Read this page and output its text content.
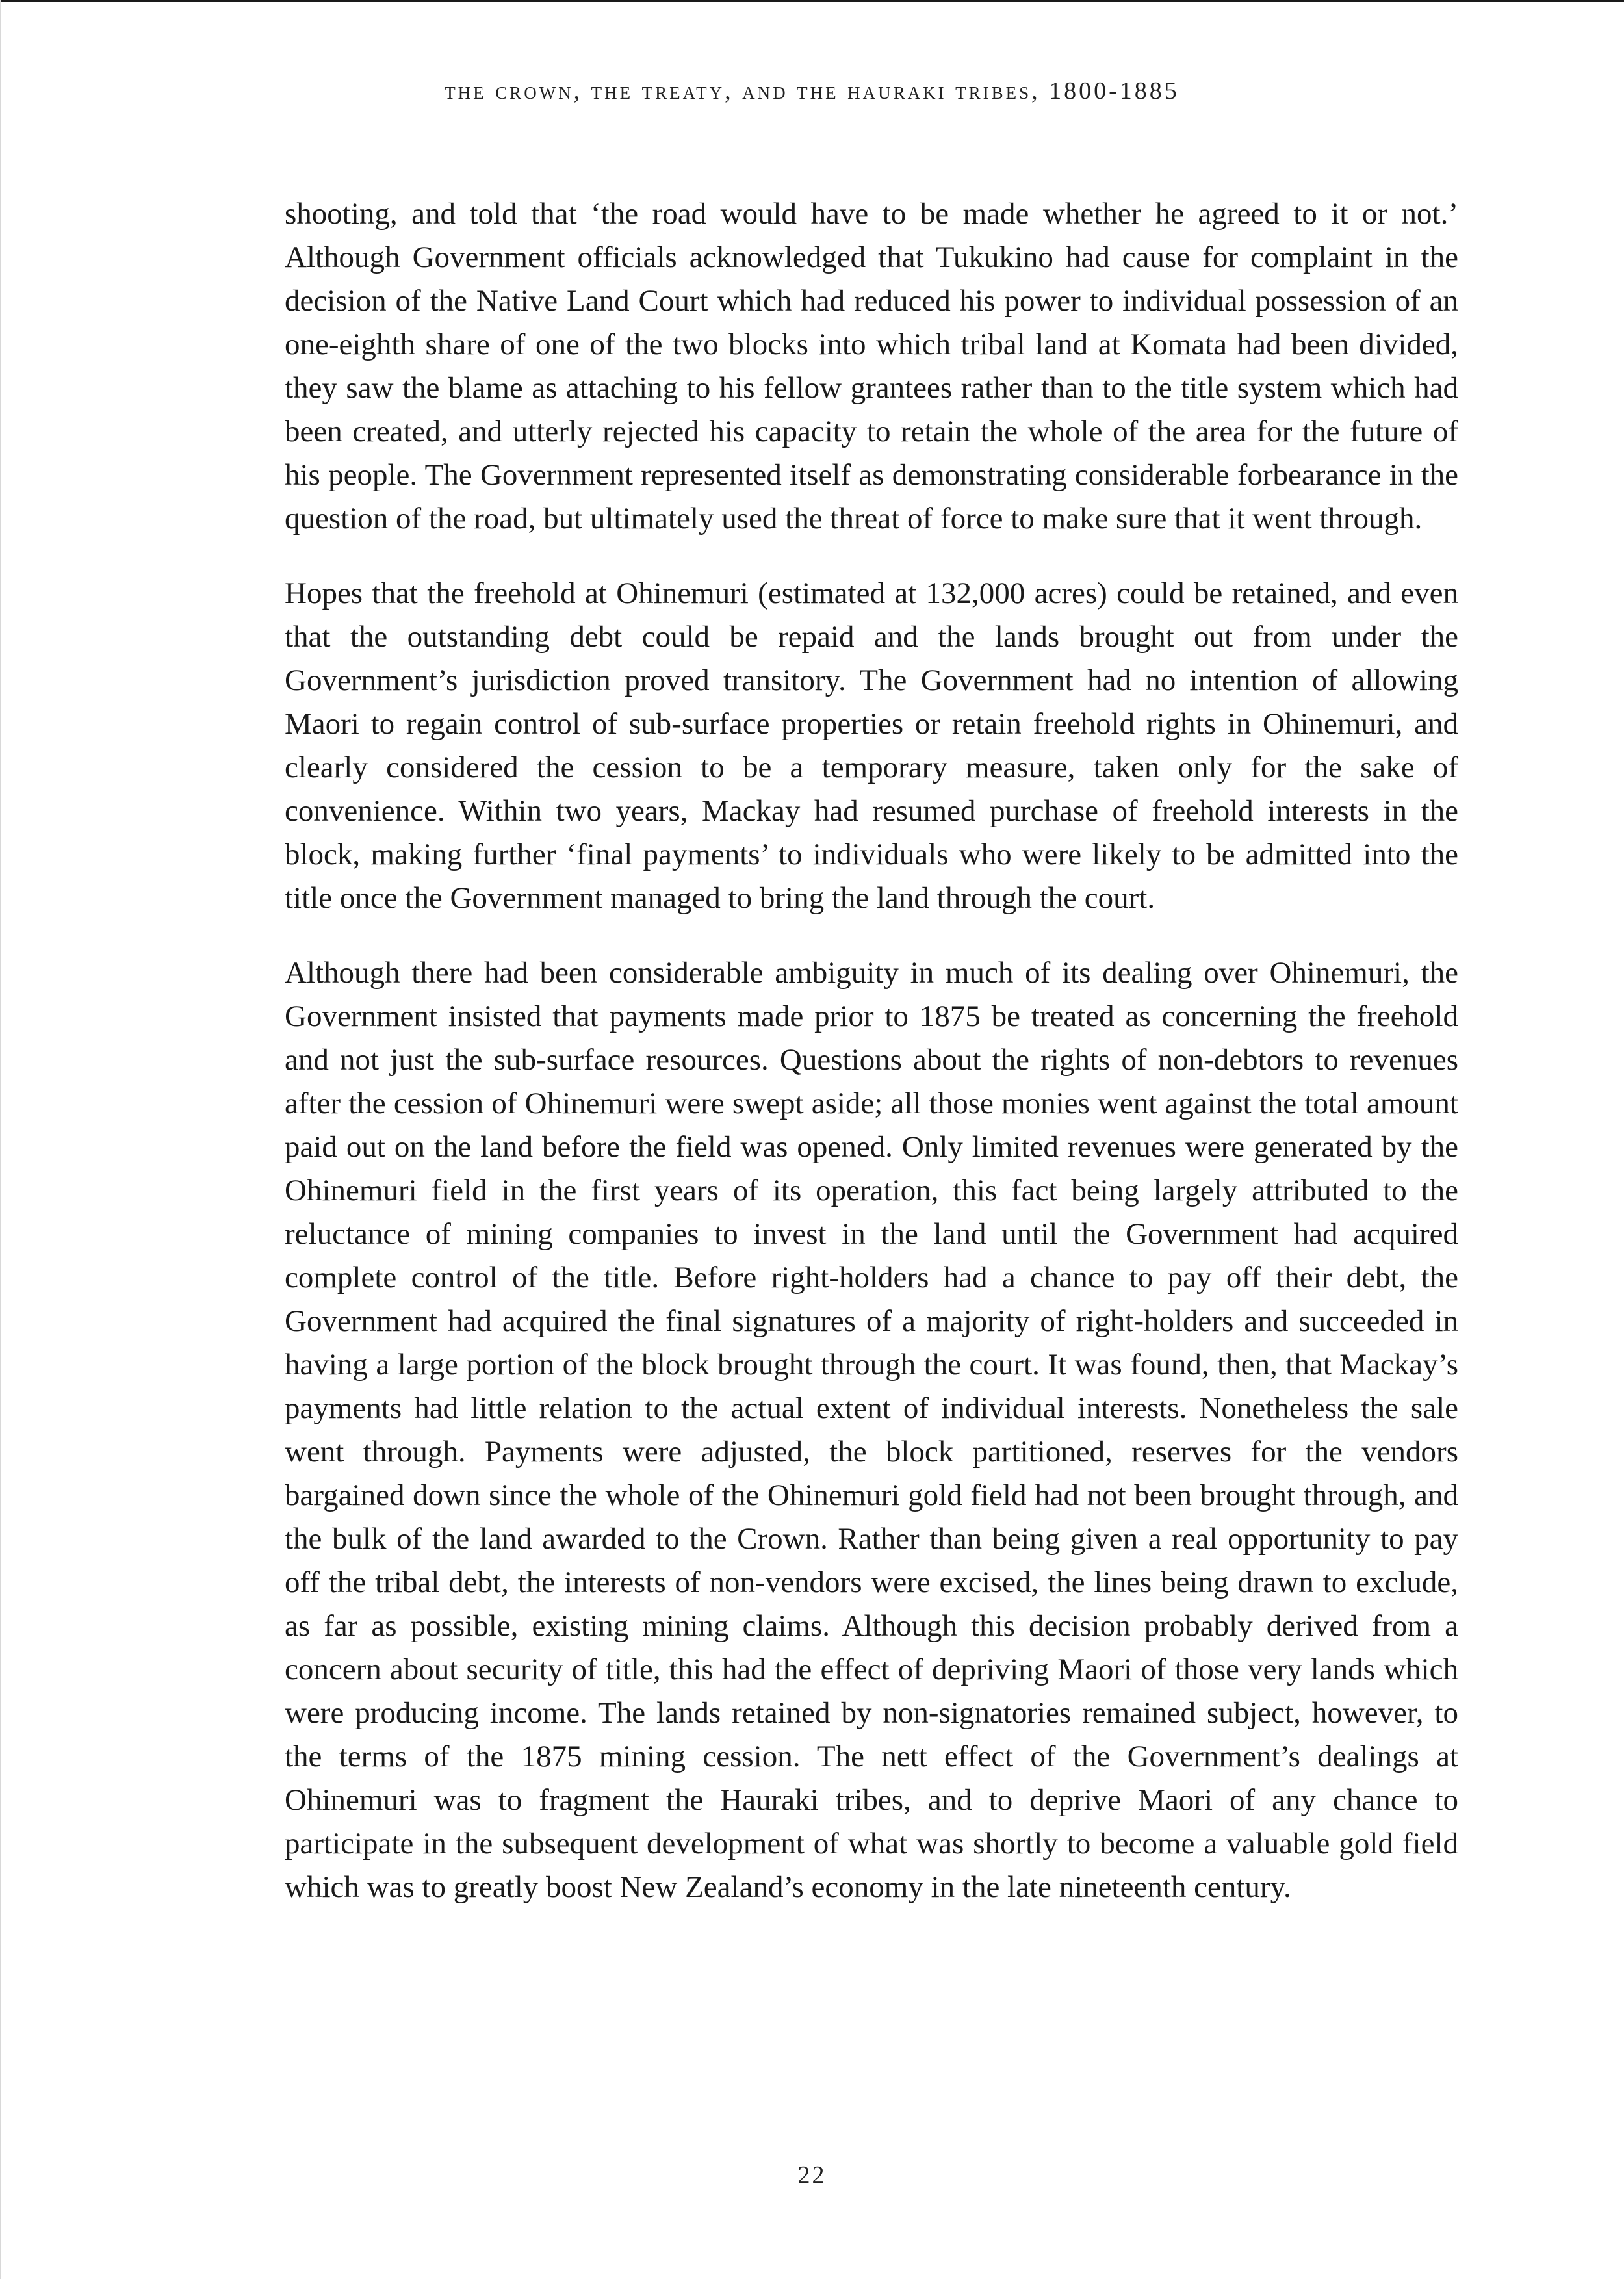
the crown, the treaty, and the hauraki tribes, 1800-1885

shooting, and told that ‘the road would have to be made whether he agreed to it or not.’ Although Government officials acknowledged that Tukukino had cause for complaint in the decision of the Native Land Court which had reduced his power to individual possession of an one-eighth share of one of the two blocks into which tribal land at Komata had been divided, they saw the blame as attaching to his fellow grantees rather than to the title system which had been created, and utterly rejected his capacity to retain the whole of the area for the future of his people. The Government represented itself as demonstrating considerable forbearance in the question of the road, but ultimately used the threat of force to make sure that it went through.

Hopes that the freehold at Ohinemuri (estimated at 132,000 acres) could be retained, and even that the outstanding debt could be repaid and the lands brought out from under the Government’s jurisdiction proved transitory. The Government had no intention of allowing Maori to regain control of sub-surface properties or retain freehold rights in Ohinemuri, and clearly considered the cession to be a temporary measure, taken only for the sake of convenience. Within two years, Mackay had resumed purchase of freehold interests in the block, making further ‘final payments’ to individuals who were likely to be admitted into the title once the Government managed to bring the land through the court.

Although there had been considerable ambiguity in much of its dealing over Ohinemuri, the Government insisted that payments made prior to 1875 be treated as concerning the freehold and not just the sub-surface resources. Questions about the rights of non-debtors to revenues after the cession of Ohinemuri were swept aside; all those monies went against the total amount paid out on the land before the field was opened. Only limited revenues were generated by the Ohinemuri field in the first years of its operation, this fact being largely attributed to the reluctance of mining companies to invest in the land until the Government had acquired complete control of the title. Before right-holders had a chance to pay off their debt, the Government had acquired the final signatures of a majority of right-holders and succeeded in having a large portion of the block brought through the court. It was found, then, that Mackay’s payments had little relation to the actual extent of individual interests. Nonetheless the sale went through. Payments were adjusted, the block partitioned, reserves for the vendors bargained down since the whole of the Ohinemuri gold field had not been brought through, and the bulk of the land awarded to the Crown. Rather than being given a real opportunity to pay off the tribal debt, the interests of non-vendors were excised, the lines being drawn to exclude, as far as possible, existing mining claims. Although this decision probably derived from a concern about security of title, this had the effect of depriving Maori of those very lands which were producing income. The lands retained by non-signatories remained subject, however, to the terms of the 1875 mining cession. The nett effect of the Government’s dealings at Ohinemuri was to fragment the Hauraki tribes, and to deprive Maori of any chance to participate in the subsequent development of what was shortly to become a valuable gold field which was to greatly boost New Zealand’s economy in the late nineteenth century.

22
